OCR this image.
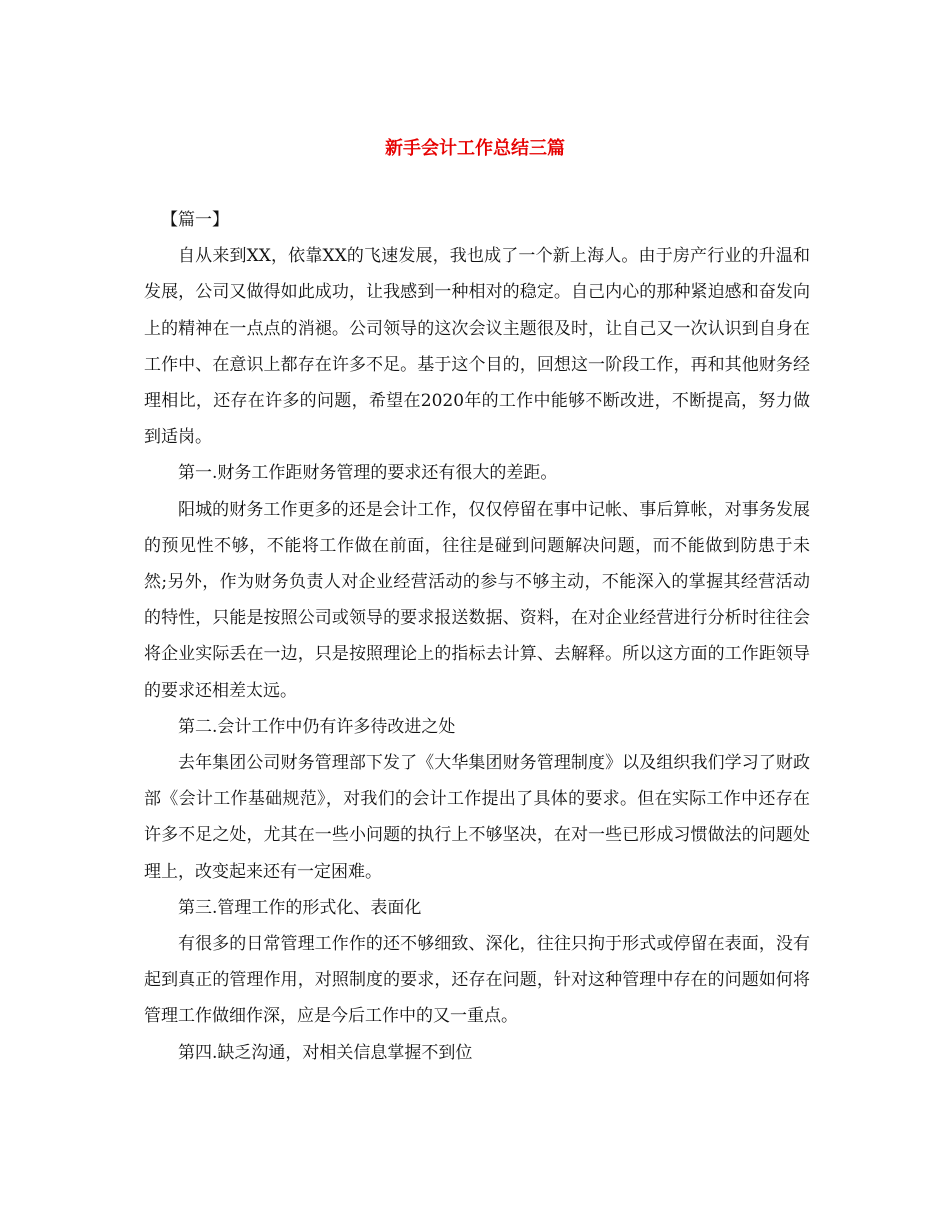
新手会计工作总结三篇

【篇一】

自从来到XX，依靠XX的飞速发展，我也成了一个新上海人。由于房产行业的升温和发展，公司又做得如此成功，让我感到一种相对的稳定。自己内心的那种紧迫感和奋发向上的精神在一点点的消褪。公司领导的这次会议主题很及时，让自己又一次认识到自身在工作中、在意识上都存在许多不足。基于这个目的，回想这一阶段工作，再和其他财务经理相比，还存在许多的问题，希望在2020年的工作中能够不断改进，不断提高，努力做到适岗。

第一.财务工作距财务管理的要求还有很大的差距。

阳城的财务工作更多的还是会计工作，仅仅停留在事中记帐、事后算帐，对事务发展的预见性不够，不能将工作做在前面，往往是碰到问题解决问题，而不能做到防患于未然;另外，作为财务负责人对企业经营活动的参与不够主动，不能深入的掌握其经营活动的特性，只能是按照公司或领导的要求报送数据、资料，在对企业经营进行分析时往往会将企业实际丢在一边，只是按照理论上的指标去计算、去解释。所以这方面的工作距领导的要求还相差太远。

第二.会计工作中仍有许多待改进之处

去年集团公司财务管理部下发了《大华集团财务管理制度》以及组织我们学习了财政部《会计工作基础规范》，对我们的会计工作提出了具体的要求。但在实际工作中还存在许多不足之处，尤其在一些小问题的执行上不够坚决，在对一些已形成习惯做法的问题处理上，改变起来还有一定困难。

第三.管理工作的形式化、表面化

有很多的日常管理工作作的还不够细致、深化，往往只拘于形式或停留在表面，没有起到真正的管理作用，对照制度的要求，还存在问题，针对这种管理中存在的问题如何将管理工作做细作深，应是今后工作中的又一重点。

第四.缺乏沟通，对相关信息掌握不到位
